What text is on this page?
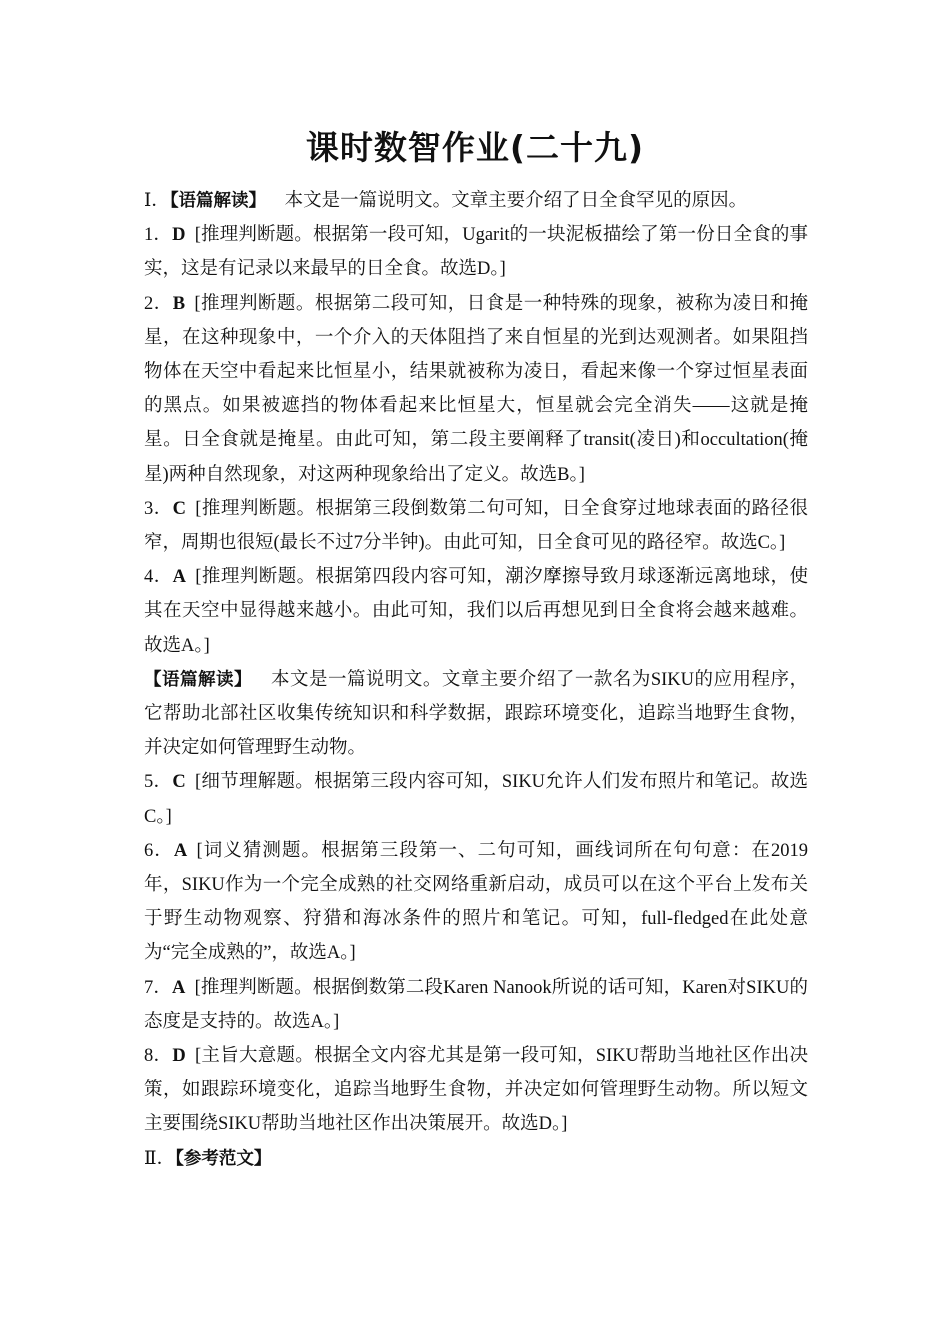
课时数智作业(二十九)

Ⅰ．【语篇解读】  本文是一篇说明文。文章主要介绍了日全食罕见的原因。

1．D  [推理判断题。根据第一段可知，Ugarit的一块泥板描绘了第一份日全食的事实，这是有记录以来最早的日全食。故选D。]

2．B  [推理判断题。根据第二段可知，日食是一种特殊的现象，被称为凌日和掩星，在这种现象中，一个介入的天体阻挡了来自恒星的光到达观测者。如果阻挡物体在天空中看起来比恒星小，结果就被称为凌日，看起来像一个穿过恒星表面的黑点。如果被遮挡的物体看起来比恒星大，恒星就会完全消失——这就是掩星。日全食就是掩星。由此可知，第二段主要阐释了transit(凌日)和occultation(掩星)两种自然现象，对这两种现象给出了定义。故选B。]

3．C  [推理判断题。根据第三段倒数第二句可知，日全食穿过地球表面的路径很窄，周期也很短(最长不过7分半钟)。由此可知，日全食可见的路径窄。故选C。]

4．A  [推理判断题。根据第四段内容可知，潮汐摩擦导致月球逐渐远离地球，使其在天空中显得越来越小。由此可知，我们以后再想见到日全食将会越来越难。故选A。]

【语篇解读】  本文是一篇说明文。文章主要介绍了一款名为SIKU的应用程序，它帮助北部社区收集传统知识和科学数据，跟踪环境变化，追踪当地野生食物，并决定如何管理野生动物。

5．C  [细节理解题。根据第三段内容可知，SIKU允许人们发布照片和笔记。故选C。]

6．A  [词义猜测题。根据第三段第一、二句可知，画线词所在句句意：在2019年，SIKU作为一个完全成熟的社交网络重新启动，成员可以在这个平台上发布关于野生动物观察、狩猎和海冰条件的照片和笔记。可知，full-fledged在此处意为“完全成熟的”，故选A。]

7．A  [推理判断题。根据倒数第二段Karen Nanook所说的话可知，Karen对SIKU的态度是支持的。故选A。]

8．D  [主旨大意题。根据全文内容尤其是第一段可知，SIKU帮助当地社区作出决策，如跟踪环境变化，追踪当地野生食物，并决定如何管理野生动物。所以短文主要围绕SIKU帮助当地社区作出决策展开。故选D。]

Ⅱ．【参考范文】
